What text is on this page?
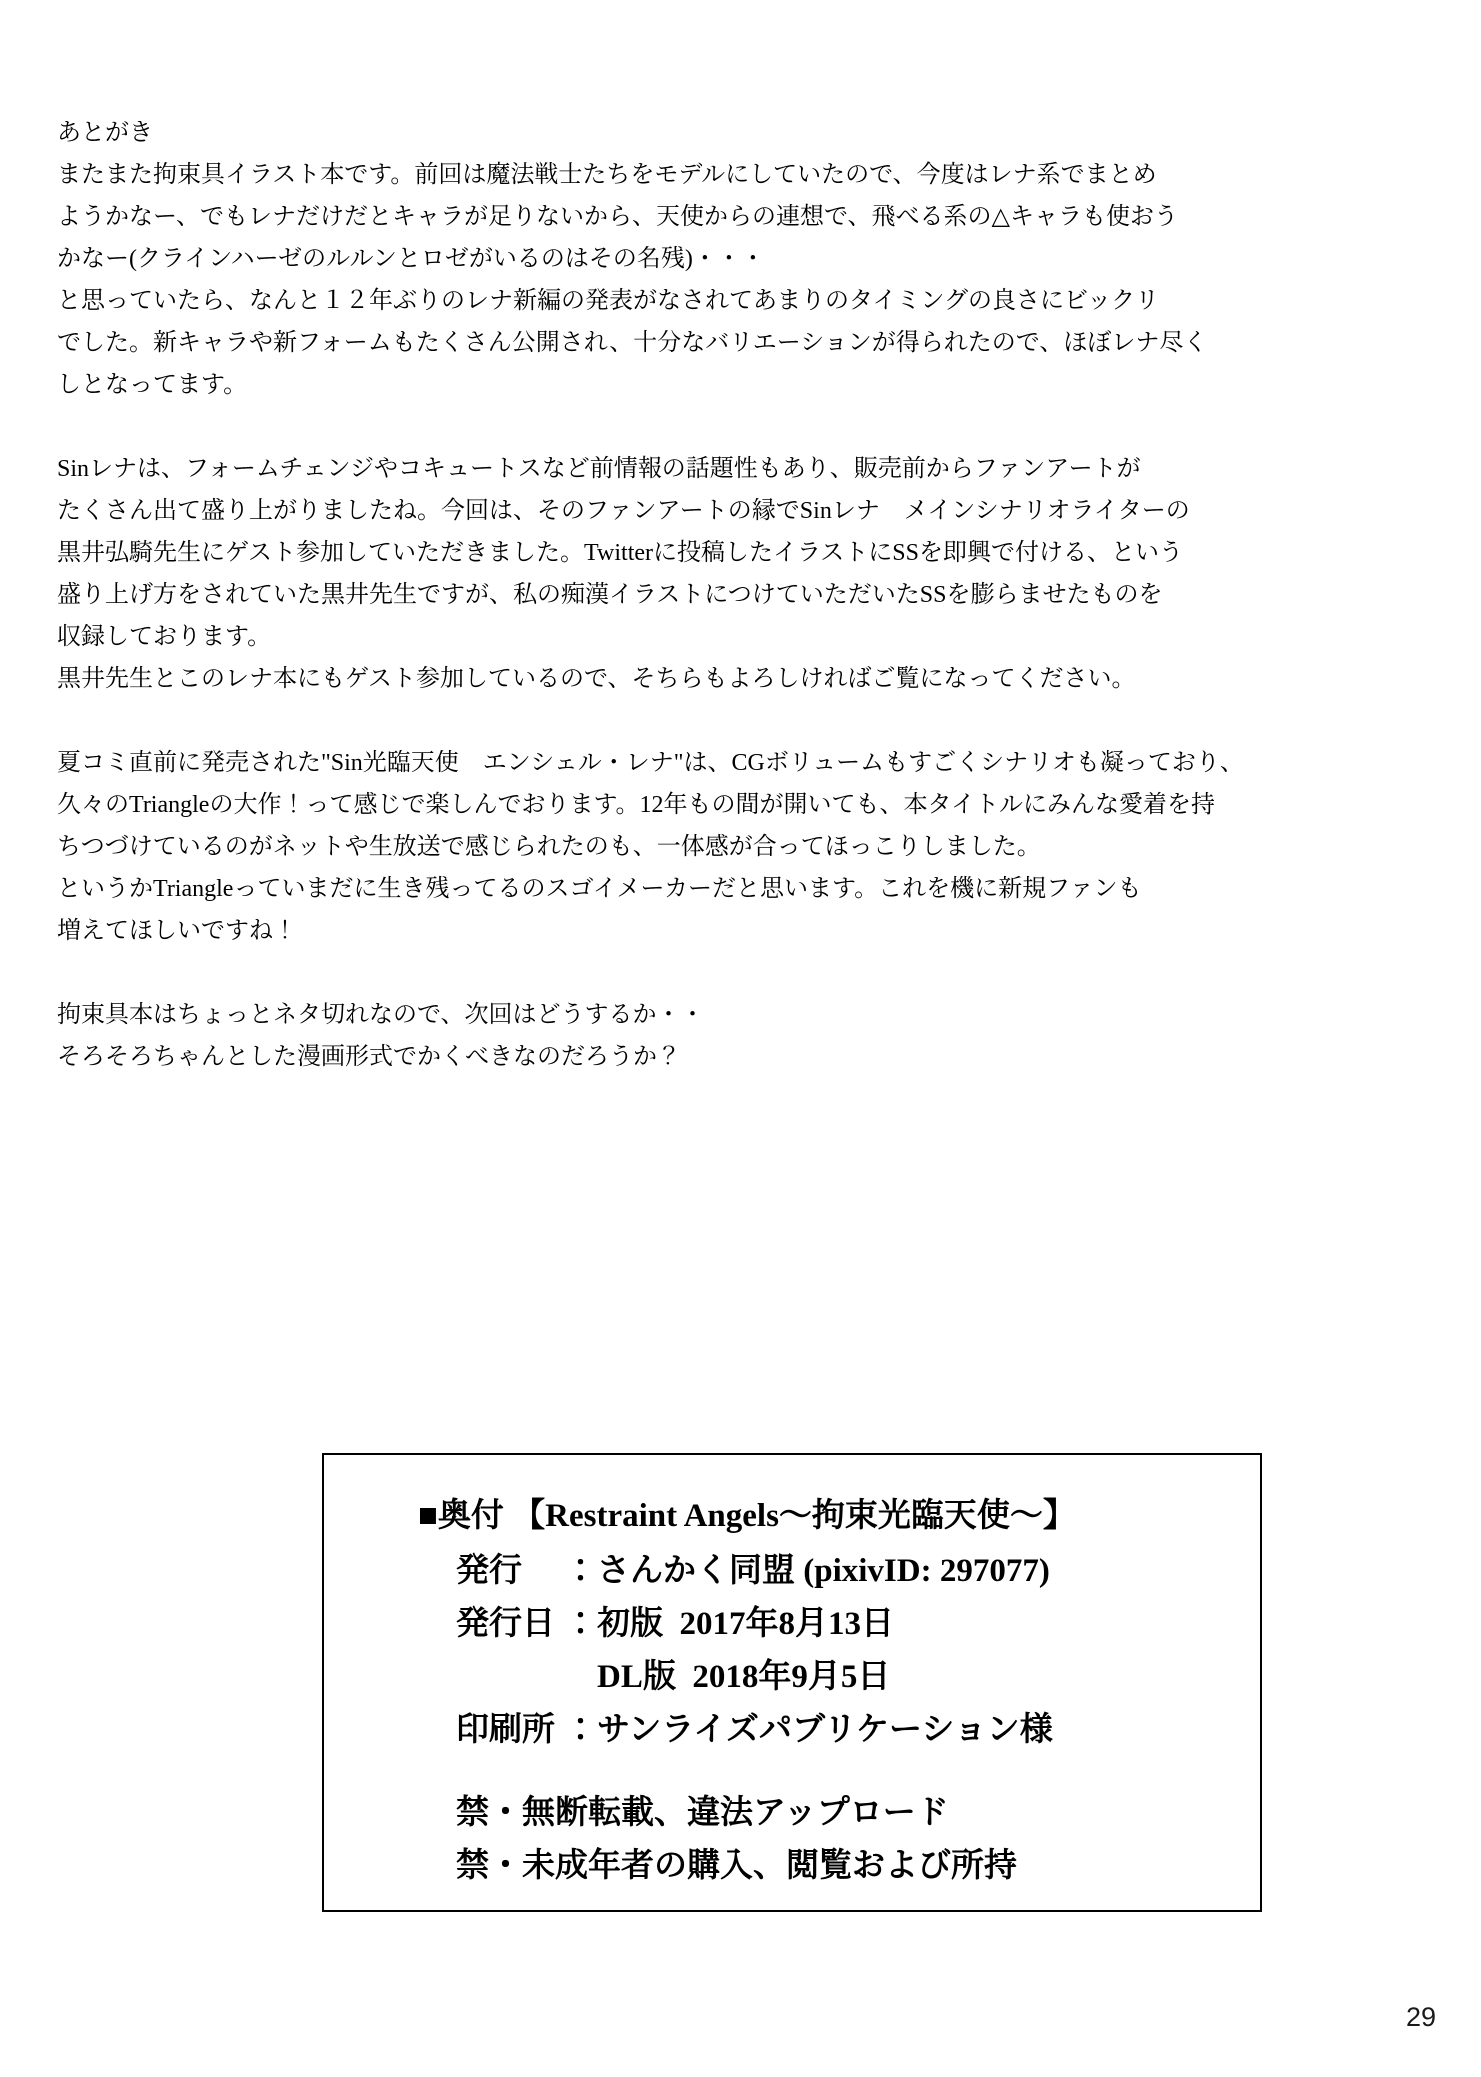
あとがき
またまた拘束具イラスト本です。前回は魔法戦士たちをモデルにしていたので、今度はレナ系でまとめ
ようかなー、でもレナだけだとキャラが足りないから、天使からの連想で、飛べる系の△キャラも使おう
かなー(クラインハーゼのルルンとロゼがいるのはその名残)・・・
と思っていたら、なんと１２年ぶりのレナ新編の発表がなされてあまりのタイミングの良さにビックリ
でした。新キャラや新フォームもたくさん公開され、十分なバリエーションが得られたので、ほぼレナ尽く
しとなってます。
Sinレナは、フォームチェンジやコキュートスなど前情報の話題性もあり、販売前からファンアートが
たくさん出て盛り上がりましたね。今回は、そのファンアートの縁でSinレナ　メインシナリオライターの
黒井弘騎先生にゲスト参加していただきました。Twitterに投稿したイラストにSSを即興で付ける、という
盛り上げ方をされていた黒井先生ですが、私の痴漢イラストにつけていただいたSSを膨らませたものを
収録しております。
黒井先生とこのレナ本にもゲスト参加しているので、そちらもよろしければご覧になってください。
夏コミ直前に発売された"Sin光臨天使　エンシェル・レナ"は、CGボリュームもすごくシナリオも凝っており、
久々のTriangleの大作！って感じで楽しんでおります。12年もの間が開いても、本タイトルにみんな愛着を持
ちつづけているのがネットや生放送で感じられたのも、一体感が合ってほっこりしました。
というかTriangleっていまだに生き残ってるのスゴイメーカーだと思います。これを機に新規ファンも
増えてほしいですね！
拘束具本はちょっとネタ切れなので、次回はどうするか・・
そろそろちゃんとした漫画形式でかくべきなのだろうか？
■奥付 【Restraint Angels～拘束光臨天使～】
発行 ：さんかく同盟 (pixivID: 297077)
発行日 ：初版  2017年8月13日
　DL版  2018年9月5日
印刷所 ：サンライズパブリケーション様
禁・無断転載、違法アップロード
禁・未成年者の購入、閲覧および所持
29
